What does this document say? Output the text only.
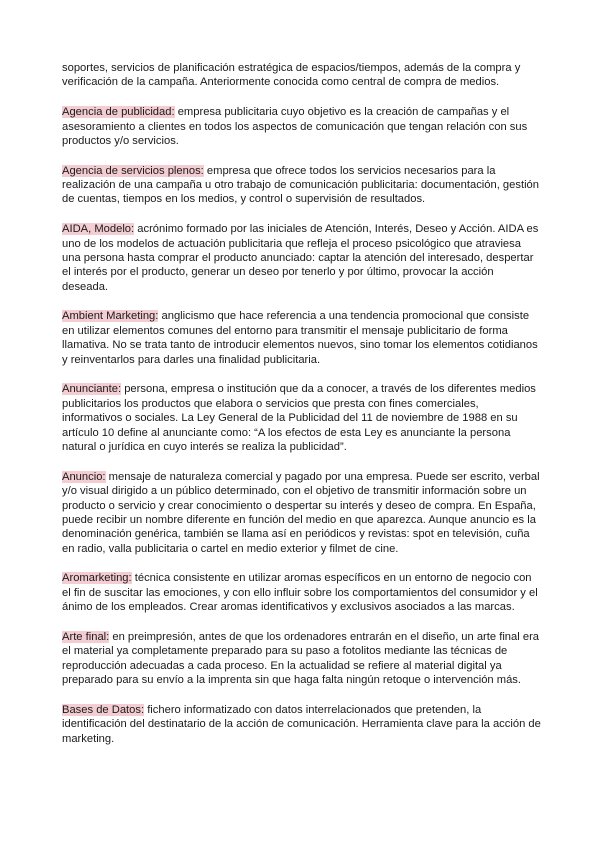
soportes, servicios de planificación estratégica de espacios/tiempos, además de la compra y
verificación de la campaña. Anteriormente conocida como central de compra de medios.

Agencia de publicidad: empresa publicitaria cuyo objetivo es la creación de campañas y el
asesoramiento a clientes en todos los aspectos de comunicación que tengan relación con sus
productos y/o servicios.

Agencia de servicios plenos: empresa que ofrece todos los servicios necesarios para la
realización de una campaña u otro trabajo de comunicación publicitaria: documentación, gestión
de cuentas, tiempos en los medios, y control o supervisión de resultados.

AIDA, Modelo: acrónimo formado por las iniciales de Atención, Interés, Deseo y Acción. AIDA es
uno de los modelos de actuación publicitaria que refleja el proceso psicológico que atraviesa
una persona hasta comprar el producto anunciado: captar la atención del interesado, despertar
el interés por el producto, generar un deseo por tenerlo y por último, provocar la acción
deseada.

Ambient Marketing: anglicismo que hace referencia a una tendencia promocional que consiste
en utilizar elementos comunes del entorno para transmitir el mensaje publicitario de forma
llamativa. No se trata tanto de introducir elementos nuevos, sino tomar los elementos cotidianos
y reinventarlos para darles una finalidad publicitaria.

Anunciante: persona, empresa o institución que da a conocer, a través de los diferentes medios
publicitarios los productos que elabora o servicios que presta con fines comerciales,
informativos o sociales. La Ley General de la Publicidad del 11 de noviembre de 1988 en su
artículo 10 define al anunciante como: “A los efectos de esta Ley es anunciante la persona
natural o jurídica en cuyo interés se realiza la publicidad”.

Anuncio: mensaje de naturaleza comercial y pagado por una empresa. Puede ser escrito, verbal
y/o visual dirigido a un público determinado, con el objetivo de transmitir información sobre un
producto o servicio y crear conocimiento o despertar su interés y deseo de compra. En España,
puede recibir un nombre diferente en función del medio en que aparezca. Aunque anuncio es la
denominación genérica, también se llama así en periódicos y revistas: spot en televisión, cuña
en radio, valla publicitaria o cartel en medio exterior y filmet de cine.

Aromarketing: técnica consistente en utilizar aromas específicos en un entorno de negocio con
el fin de suscitar las emociones, y con ello influir sobre los comportamientos del consumidor y el
ánimo de los empleados. Crear aromas identificativos y exclusivos asociados a las marcas.

Arte final: en preimpresión, antes de que los ordenadores entrarán en el diseño, un arte final era
el material ya completamente preparado para su paso a fotolitos mediante las técnicas de
reproducción adecuadas a cada proceso. En la actualidad se refiere al material digital ya
preparado para su envío a la imprenta sin que haga falta ningún retoque o intervención más.

Bases de Datos: fichero informatizado con datos interrelacionados que pretenden, la
identificación del destinatario de la acción de comunicación. Herramienta clave para la acción de
marketing.
